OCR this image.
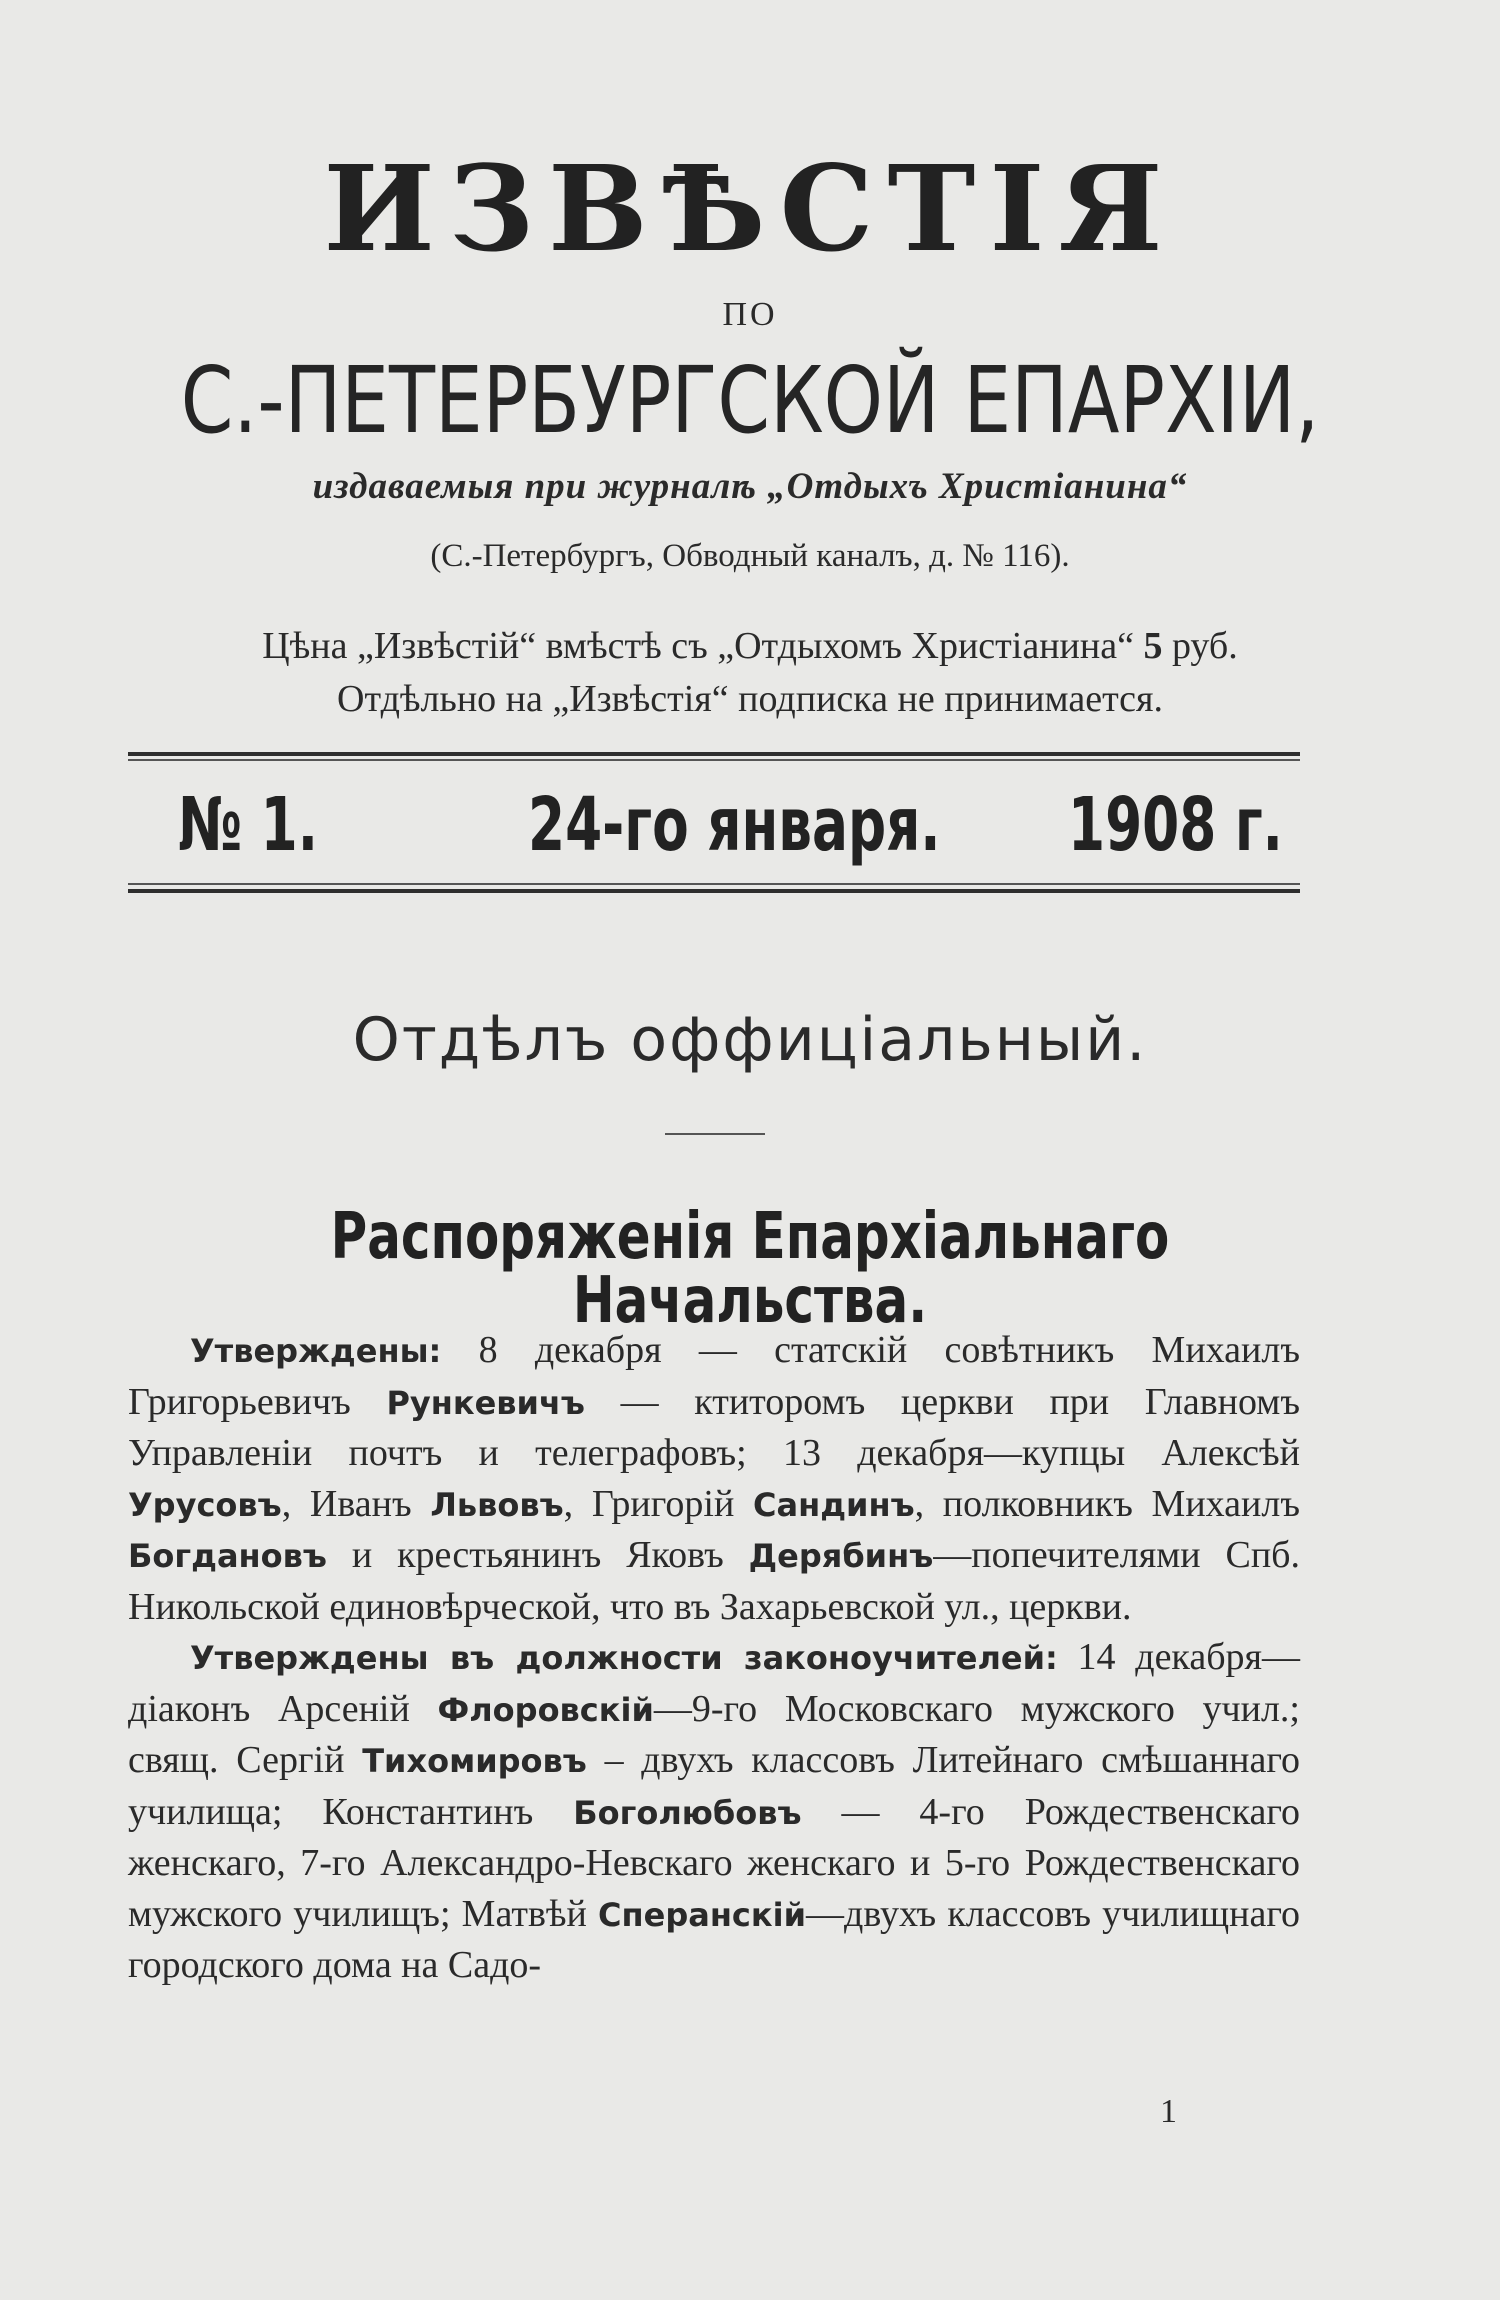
ИЗВѢСТІЯ
ПО
С.-ПЕТЕРБУРГСКОЙ ЕПАРХІИ,
издаваемыя при журналѣ „Отдыхъ Христіанина“
(С.-Петербургъ, Обводный каналъ, д. № 116).
Цѣна „Извѣстій“ вмѣстѣ съ „Отдыхомъ Христіанина“ 5 руб.
Отдѣльно на „Извѣстія“ подписка не принимается.
№ 1.	24-го января. 1908 г.
Отдѣлъ оффиціальный.
Распоряженія Епархіальнаго Начальства.

Утверждены: 8 декабря — статскій совѣтникъ Михаилъ Григорьевичъ Рункевичъ — ктиторомъ церкви при Главномъ Управленіи почтъ и телеграфовъ; 13 декабря—купцы Алексѣй Урусовъ, Иванъ Львовъ, Григорій Сандинъ, полковникъ Михаилъ Богдановъ и крестьянинъ Яковъ Дерябинъ—попечителями Спб. Никольской единовѣрческой, что въ Захарьевской ул., церкви.

Утверждены въ должности законоучителей: 14 декабря—діаконъ Арсеній Флоровскій—9-го Московскаго мужского учил.; свящ. Сергій Тихомировъ – двухъ классовъ Литейнаго смѣшаннаго училища; Константинъ Боголюбовъ — 4-го Рождественскаго женскаго, 7-го Александро-Невскаго женскаго и 5-го Рождественскаго мужского училищъ; Матвѣй Сперанскій—двухъ классовъ училищнаго городского дома на Садо-

1
